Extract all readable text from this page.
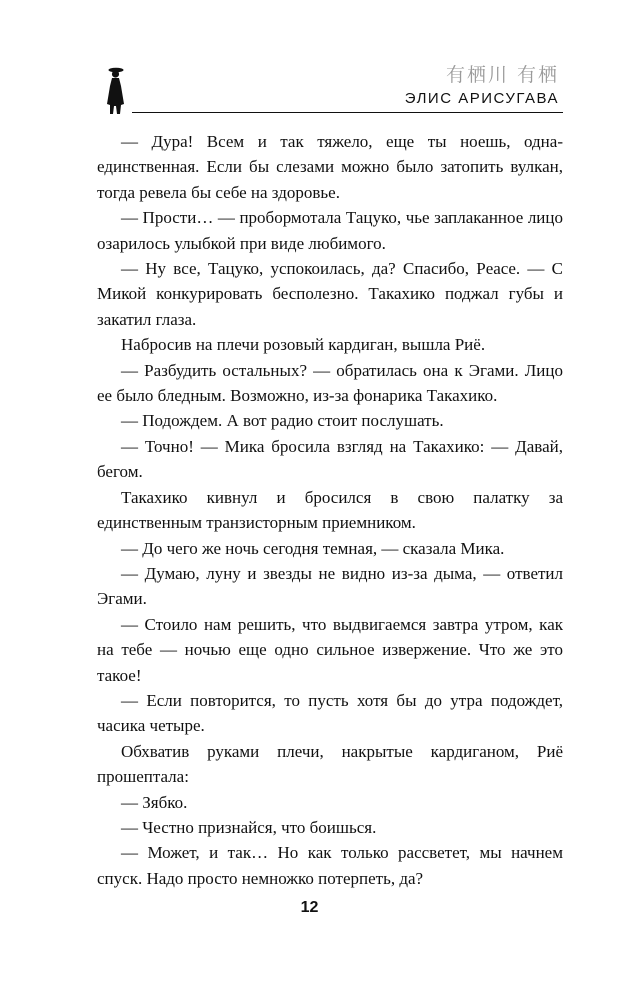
有栖川 有栖
ЭЛИС АРИСУГАВА

— Дура! Всем и так тяжело, еще ты ноешь, одна-единственная. Если бы слезами можно было затопить вулкан, тогда ревела бы себе на здоровье.

— Прости… — пробормотала Тацуко, чье заплаканное лицо озарилось улыбкой при виде любимого.

— Ну все, Тацуко, успокоилась, да? Спасибо, Peace. — С Микой конкурировать бесполезно. Такахико поджал губы и закатил глаза.

Набросив на плечи розовый кардиган, вышла Риё.

— Разбудить остальных? — обратилась она к Эгами. Лицо ее было бледным. Возможно, из-за фонарика Такахико.

— Подождем. А вот радио стоит послушать.

— Точно! — Мика бросила взгляд на Такахико: — Давай, бегом.

Такахико кивнул и бросился в свою палатку за единственным транзисторным приемником.

— До чего же ночь сегодня темная, — сказала Мика.

— Думаю, луну и звезды не видно из-за дыма, — ответил Эгами.

— Стоило нам решить, что выдвигаемся завтра утром, как на тебе — ночью еще одно сильное извержение. Что же это такое!

— Если повторится, то пусть хотя бы до утра подождет, часика четыре.

Обхватив руками плечи, накрытые кардиганом, Риё прошептала:

— Зябко.

— Честно признайся, что боишься.

— Может, и так… Но как только рассветет, мы начнем спуск. Надо просто немножко потерпеть, да?

12
